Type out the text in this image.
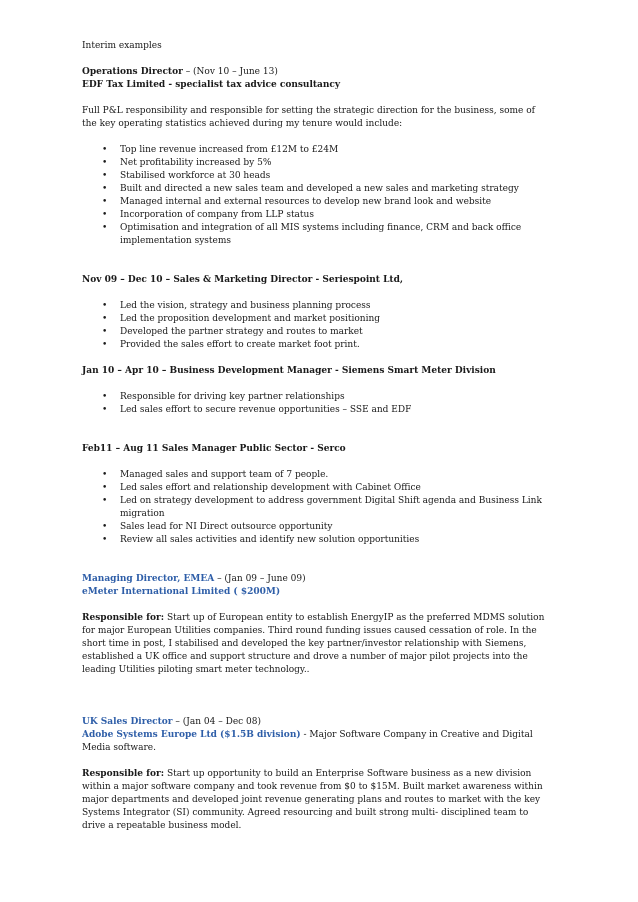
Interim examples
Operations Director – (Nov 10 – June 13)
EDF Tax Limited - specialist tax advice consultancy
Full P&L responsibility and responsible for setting the strategic direction for the business, some of the key operating statistics achieved during my tenure would include:
• Top line revenue increased from £12M to £24M
• Net profitability increased by 5%
• Stabilised workforce at 30 heads
• Built and directed a new sales team and developed a new sales and marketing strategy
• Managed internal and external resources to develop new brand look and website
• Incorporation of company from LLP status
• Optimisation and integration of all MIS systems including finance, CRM and back office implementation systems
Nov 09 – Dec 10 – Sales & Marketing Director - Seriespoint Ltd,
• Led the vision, strategy and business planning process
• Led the proposition development and market positioning
• Developed the partner strategy and routes to market
• Provided the sales effort to create market foot print.
Jan 10 – Apr 10 – Business Development Manager - Siemens Smart Meter Division
• Responsible for driving key partner relationships
• Led sales effort to secure revenue opportunities – SSE and EDF
Feb11 – Aug 11 Sales Manager Public Sector - Serco
• Managed sales and support team of 7 people.
• Led sales effort and relationship development with Cabinet Office
• Led on strategy development to address government Digital Shift agenda and Business Link migration
• Sales lead for NI Direct outsource opportunity
• Review all sales activities and identify new solution opportunities
Managing Director, EMEA – (Jan 09 – June 09)
eMeter International Limited ( $200M)
Responsible for: Start up of European entity to establish EnergyIP as the preferred MDMS solution for major European Utilities companies. Third round funding issues caused cessation of role. In the short time in post, I stabilised and developed the key partner/investor relationship with Siemens, established a UK office and support structure and drove a number of major pilot projects into the leading Utilities piloting smart meter technology..
UK Sales Director – (Jan 04 – Dec 08)
Adobe Systems Europe Ltd ($1.5B division) - Major Software Company in Creative and Digital Media software.
Responsible for: Start up opportunity to build an Enterprise Software business as a new division within a major software company and took revenue from $0 to $15M. Built market awareness within major departments and developed joint revenue generating plans and routes to market with the key Systems Integrator (SI) community. Agreed resourcing and built strong multi- disciplined team to drive a repeatable business model.
